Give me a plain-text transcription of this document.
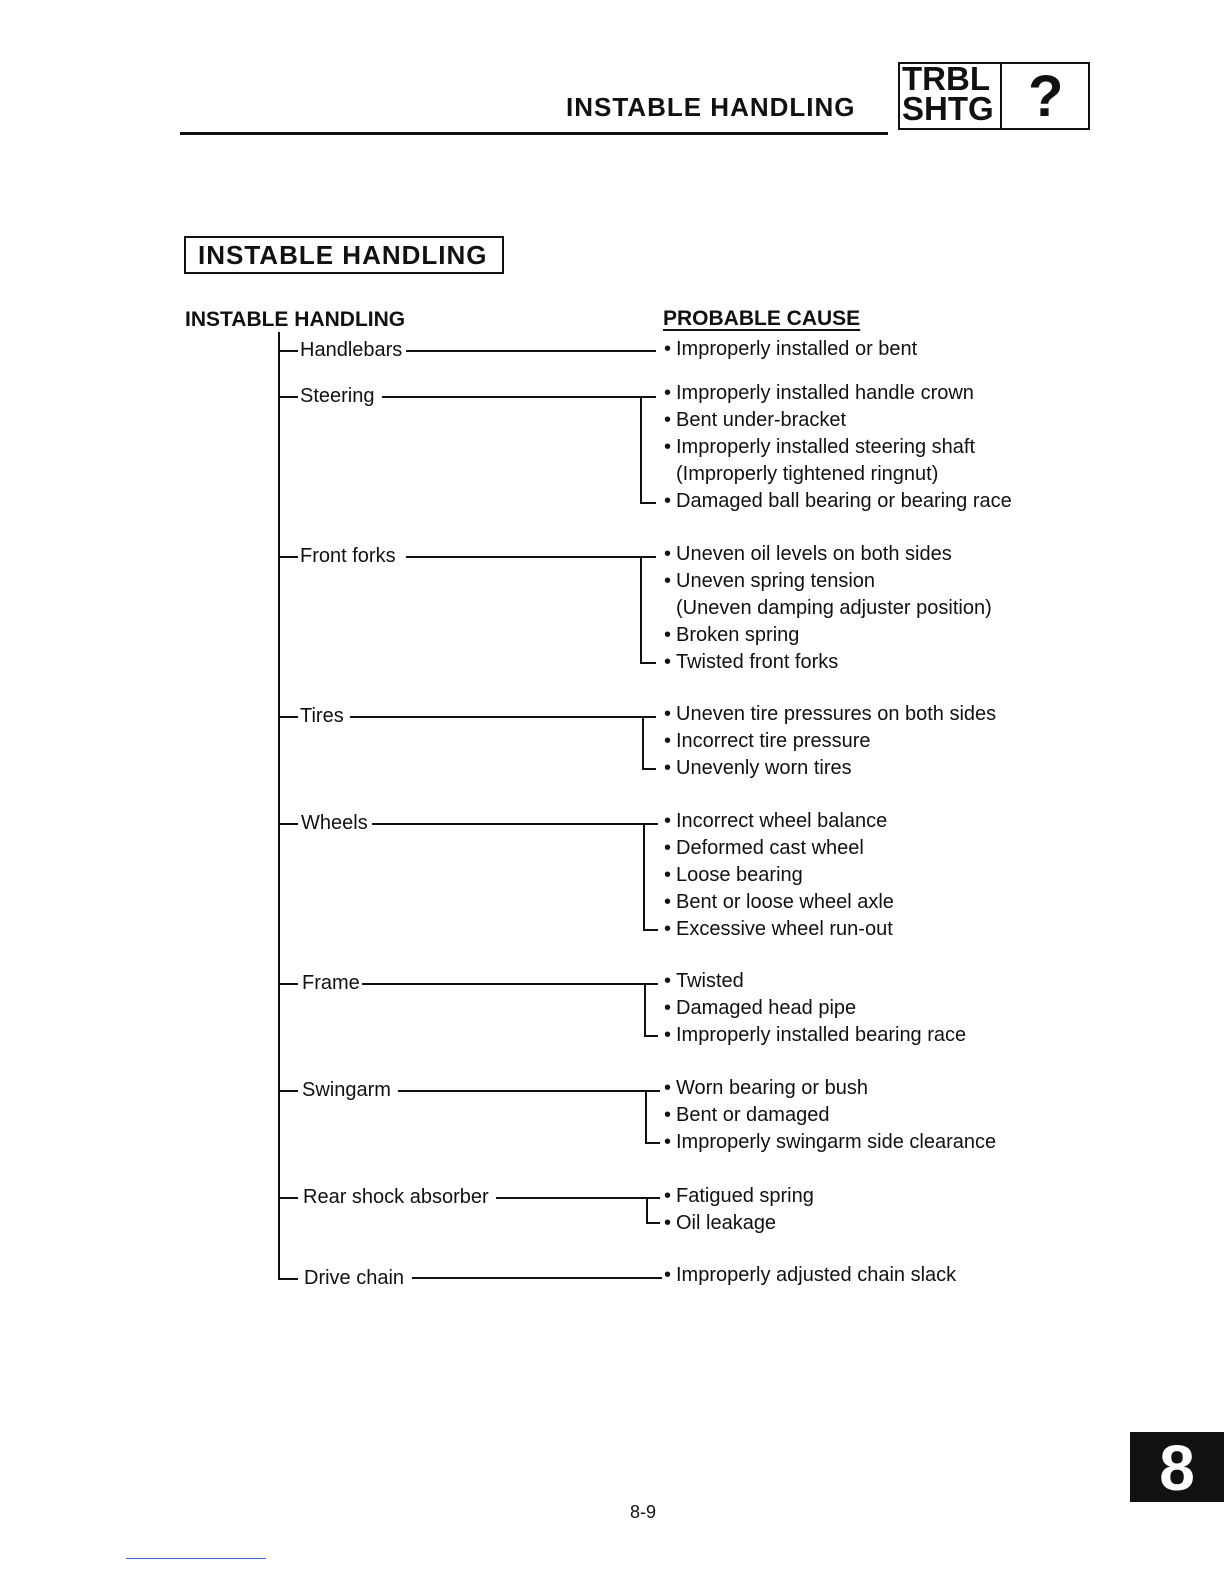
INSTABLE HANDLING
TRBL
SHTG ?
INSTABLE HANDLING
INSTABLE HANDLING	PROBABLE CAUSE
Handlebars	• Improperly installed or bent
Steering	• Improperly installed handle crown
• Bent under-bracket
• Improperly installed steering shaft
(Improperly tightened ringnut)
• Damaged ball bearing or bearing race
Front forks	• Uneven oil levels on both sides
• Uneven spring tension
(Uneven damping adjuster position)
• Broken spring
• Twisted front forks
Tires	• Uneven tire pressures on both sides
• Incorrect tire pressure
• Unevenly worn tires
Wheels	• Incorrect wheel balance
• Deformed cast wheel
• Loose bearing
• Bent or loose wheel axle
• Excessive wheel run-out
Frame	• Twisted
• Damaged head pipe
• Improperly installed bearing race
Swingarm	• Worn bearing or bush
• Bent or damaged
• Improperly swingarm side clearance
Rear shock absorber	• Fatigued spring
• Oil leakage
Drive chain	• Improperly adjusted chain slack
8-9
8
